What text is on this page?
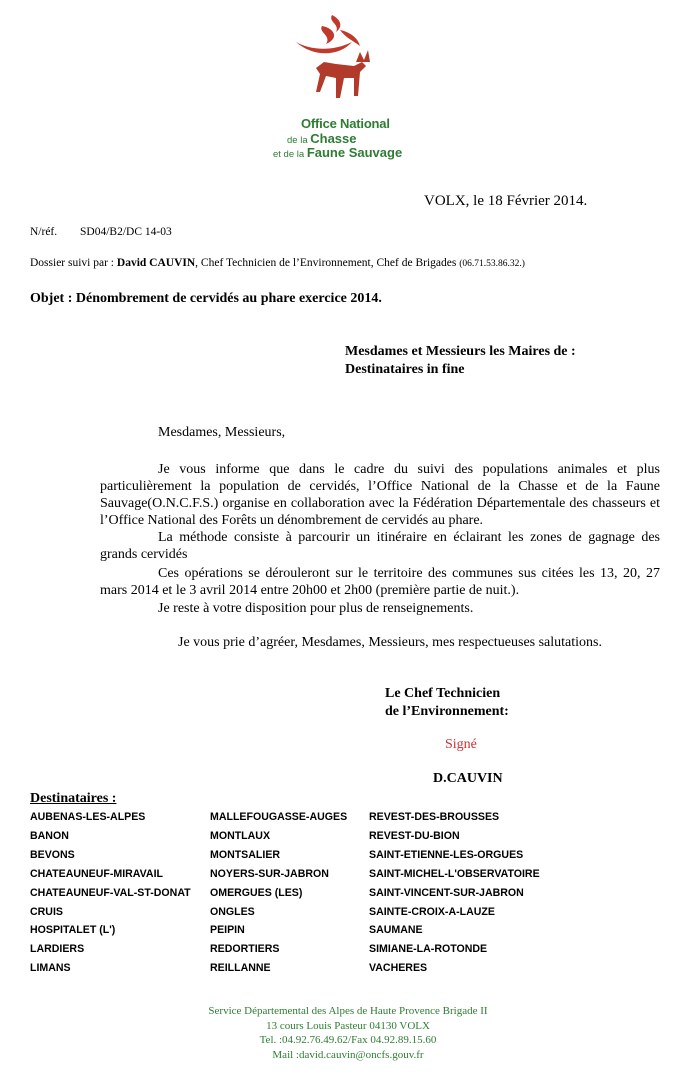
Office National
de la Chasse
et de la Faune Sauvage
VOLX, le 18 Février 2014.
N/réf. SD04/B2/DC 14-03
Dossier suivi par : David CAUVIN, Chef Technicien de l’Environnement, Chef de Brigades (06.71.53.86.32.)
Objet : Dénombrement de cervidés au phare exercice 2014.
Mesdames et Messieurs les Maires de :
Destinataires in fine
Mesdames, Messieurs,
Je vous informe que dans le cadre du suivi des populations animales et plus particulièrement la population de cervidés, l’Office National de la Chasse et de la Faune Sauvage(O.N.C.F.S.) organise en collaboration avec la Fédération Départementale des chasseurs et l’Office National des Forêts un dénombrement de cervidés au phare.
La méthode consiste à parcourir un itinéraire en éclairant les zones de gagnage des grands cervidés
Ces opérations se dérouleront sur le territoire des communes sus citées les 13, 20, 27 mars 2014 et le 3 avril 2014 entre 20h00 et 2h00 (première partie de nuit.).
Je reste à votre disposition pour plus de renseignements.
Je vous prie d’agréer, Mesdames, Messieurs, mes respectueuses salutations.
Le Chef Technicien
de l’Environnement:
Signé
D.CAUVIN
Destinataires :
AUBENAS-LES-ALPES
BANON
BEVONS
CHATEAUNEUF-MIRAVAIL
CHATEAUNEUF-VAL-ST-DONAT
CRUIS
HOSPITALET (L')
LARDIERS
LIMANS
MALLEFOUGASSE-AUGES
MONTLAUX
MONTSALIER
NOYERS-SUR-JABRON
OMERGUES (LES)
ONGLES
PEIPIN
REDORTIERS
REILLANNE
REVEST-DES-BROUSSES
REVEST-DU-BION
SAINT-ETIENNE-LES-ORGUES
SAINT-MICHEL-L'OBSERVATOIRE
SAINT-VINCENT-SUR-JABRON
SAINTE-CROIX-A-LAUZE
SAUMANE
SIMIANE-LA-ROTONDE
VACHERES
Service Départemental des Alpes de Haute Provence Brigade II
13 cours Louis Pasteur 04130 VOLX
Tel. :04.92.76.49.62/Fax 04.92.89.15.60
Mail :david.cauvin@oncfs.gouv.fr
